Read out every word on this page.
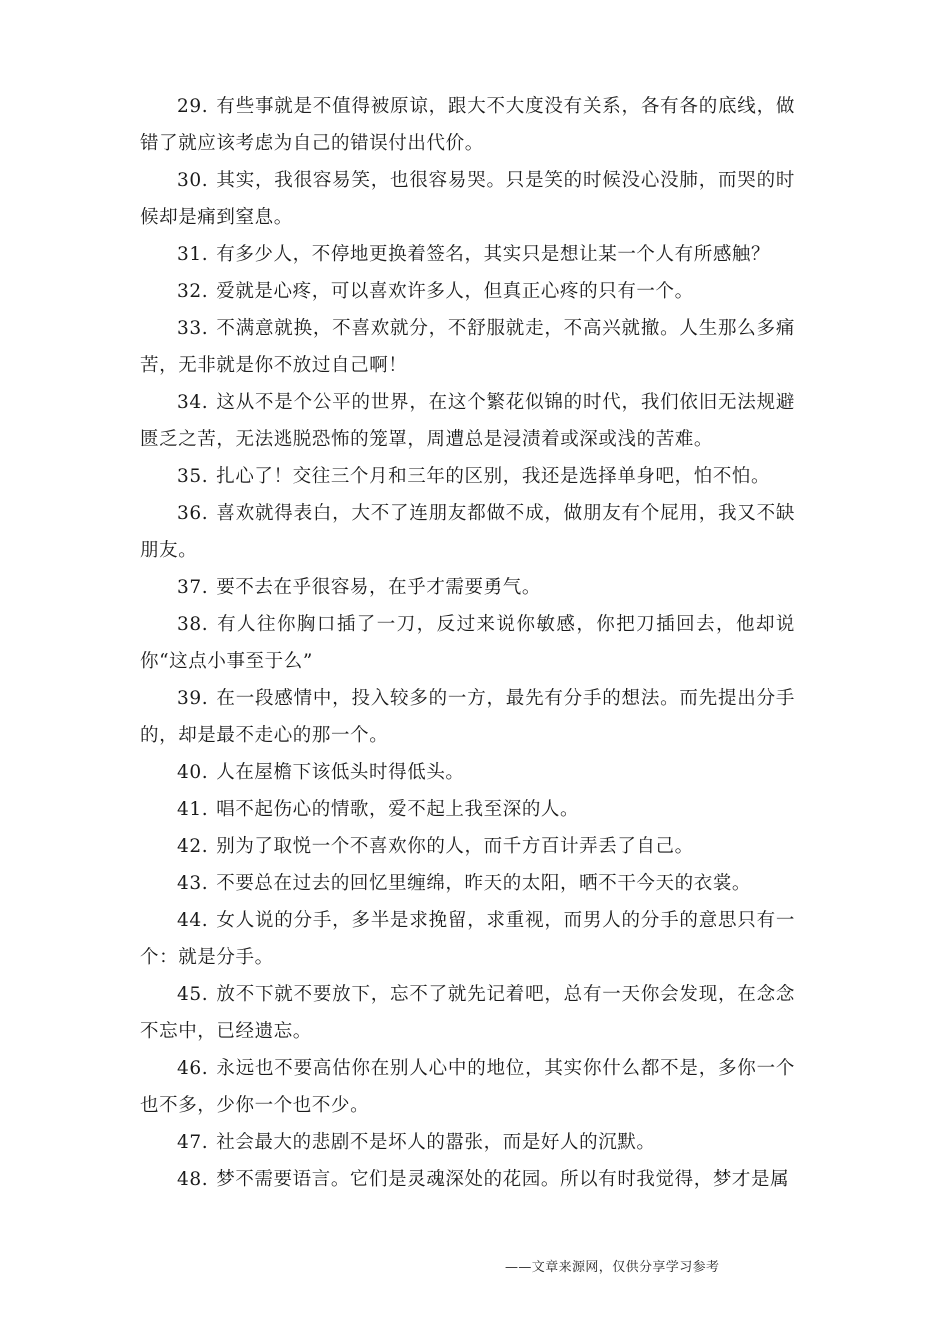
29. 有些事就是不值得被原谅，跟大不大度没有关系，各有各的底线，做错了就应该考虑为自己的错误付出代价。

30. 其实，我很容易笑，也很容易哭。只是笑的时候没心没肺，而哭的时候却是痛到窒息。

31. 有多少人，不停地更换着签名，其实只是想让某一个人有所感触？

32. 爱就是心疼，可以喜欢许多人，但真正心疼的只有一个。

33. 不满意就换，不喜欢就分，不舒服就走，不高兴就撤。人生那么多痛苦，无非就是你不放过自己啊！

34. 这从不是个公平的世界，在这个繁花似锦的时代，我们依旧无法规避匮乏之苦，无法逃脱恐怖的笼罩，周遭总是浸渍着或深或浅的苦难。

35. 扎心了！交往三个月和三年的区别，我还是选择单身吧，怕不怕。

36. 喜欢就得表白，大不了连朋友都做不成，做朋友有个屁用，我又不缺朋友。

37. 要不去在乎很容易，在乎才需要勇气。

38. 有人往你胸口插了一刀，反过来说你敏感，你把刀插回去，他却说你“这点小事至于么”

39. 在一段感情中，投入较多的一方，最先有分手的想法。而先提出分手的，却是最不走心的那一个。

40. 人在屋檐下该低头时得低头。

41. 唱不起伤心的情歌，爱不起上我至深的人。

42. 别为了取悦一个不喜欢你的人，而千方百计弄丢了自己。

43. 不要总在过去的回忆里缠绵，昨天的太阳，晒不干今天的衣裳。

44. 女人说的分手，多半是求挽留，求重视，而男人的分手的意思只有一个：就是分手。

45. 放不下就不要放下，忘不了就先记着吧，总有一天你会发现，在念念不忘中，已经遗忘。

46. 永远也不要高估你在别人心中的地位，其实你什么都不是，多你一个也不多，少你一个也不少。

47. 社会最大的悲剧不是坏人的嚣张，而是好人的沉默。

48. 梦不需要语言。它们是灵魂深处的花园。所以有时我觉得，梦才是属

——文章来源网，仅供分享学习参考
